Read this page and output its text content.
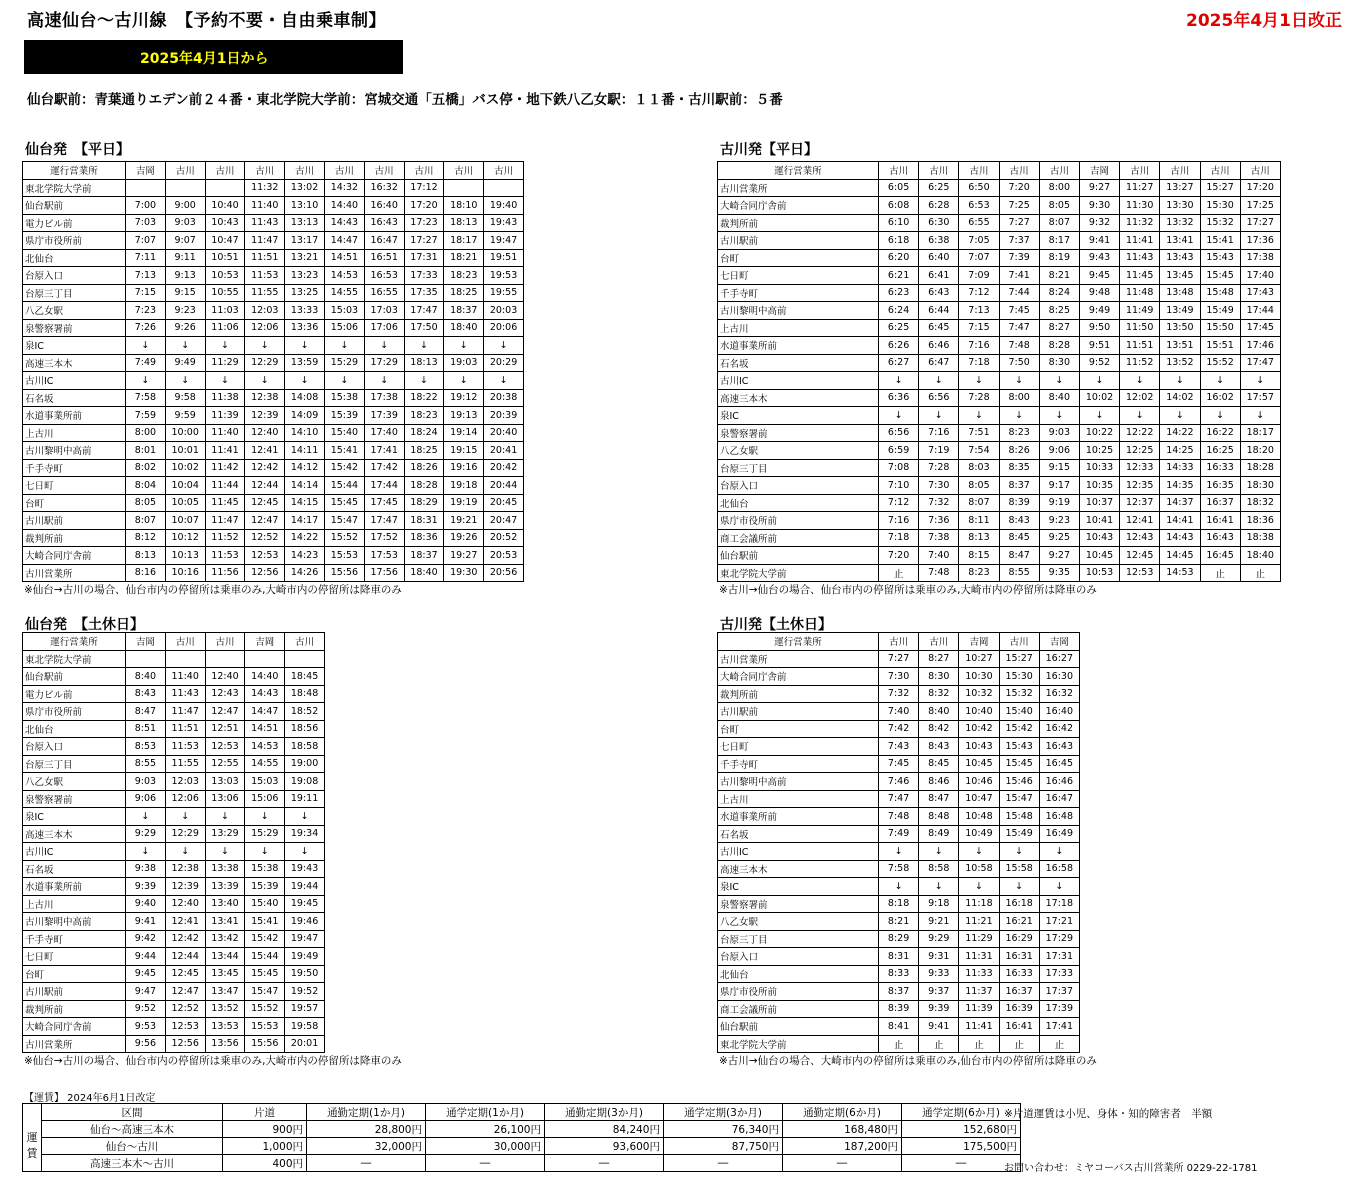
高速仙台～古川線　【予約不要・自由乗車制】	2025年4月1日改正
2025年4月1日から
仙台駅前：青葉通りエデン前２４番・東北学院大学前：宮城交通「五橋」バス停・地下鉄八乙女駅：１１番・古川駅前：５番
仙台発　【平日】
運行営業所	吉岡	古川	古川	古川	古川	古川	古川	古川	古川	古川
東北学院大学前				11:32	13:02	14:32	16:32	17:12		
仙台駅前	7:00	9:00	10:40	11:40	13:10	14:40	16:40	17:20	18:10	19:40
電力ビル前	7:03	9:03	10:43	11:43	13:13	14:43	16:43	17:23	18:13	19:43
県庁市役所前	7:07	9:07	10:47	11:47	13:17	14:47	16:47	17:27	18:17	19:47
北仙台	7:11	9:11	10:51	11:51	13:21	14:51	16:51	17:31	18:21	19:51
台原入口	7:13	9:13	10:53	11:53	13:23	14:53	16:53	17:33	18:23	19:53
台原三丁目	7:15	9:15	10:55	11:55	13:25	14:55	16:55	17:35	18:25	19:55
八乙女駅	7:23	9:23	11:03	12:03	13:33	15:03	17:03	17:47	18:37	20:03
泉警察署前	7:26	9:26	11:06	12:06	13:36	15:06	17:06	17:50	18:40	20:06
泉IC	↓	↓	↓	↓	↓	↓	↓	↓	↓	↓
高速三本木	7:49	9:49	11:29	12:29	13:59	15:29	17:29	18:13	19:03	20:29
古川IC	↓	↓	↓	↓	↓	↓	↓	↓	↓	↓
石名坂	7:58	9:58	11:38	12:38	14:08	15:38	17:38	18:22	19:12	20:38
水道事業所前	7:59	9:59	11:39	12:39	14:09	15:39	17:39	18:23	19:13	20:39
上古川	8:00	10:00	11:40	12:40	14:10	15:40	17:40	18:24	19:14	20:40
古川黎明中高前	8:01	10:01	11:41	12:41	14:11	15:41	17:41	18:25	19:15	20:41
千手寺町	8:02	10:02	11:42	12:42	14:12	15:42	17:42	18:26	19:16	20:42
七日町	8:04	10:04	11:44	12:44	14:14	15:44	17:44	18:28	19:18	20:44
台町	8:05	10:05	11:45	12:45	14:15	15:45	17:45	18:29	19:19	20:45
古川駅前	8:07	10:07	11:47	12:47	14:17	15:47	17:47	18:31	19:21	20:47
裁判所前	8:12	10:12	11:52	12:52	14:22	15:52	17:52	18:36	19:26	20:52
大崎合同庁舎前	8:13	10:13	11:53	12:53	14:23	15:53	17:53	18:37	19:27	20:53
古川営業所	8:16	10:16	11:56	12:56	14:26	15:56	17:56	18:40	19:30	20:56
※仙台→古川の場合、仙台市内の停留所は乗車のみ,大崎市内の停留所は降車のみ
古川発【平日】
運行営業所	古川	古川	古川	古川	古川	吉岡	古川	古川	古川	古川
古川営業所	6:05	6:25	6:50	7:20	8:00	9:27	11:27	13:27	15:27	17:20
大崎合同庁舎前	6:08	6:28	6:53	7:25	8:05	9:30	11:30	13:30	15:30	17:25
裁判所前	6:10	6:30	6:55	7:27	8:07	9:32	11:32	13:32	15:32	17:27
古川駅前	6:18	6:38	7:05	7:37	8:17	9:41	11:41	13:41	15:41	17:36
台町	6:20	6:40	7:07	7:39	8:19	9:43	11:43	13:43	15:43	17:38
七日町	6:21	6:41	7:09	7:41	8:21	9:45	11:45	13:45	15:45	17:40
千手寺町	6:23	6:43	7:12	7:44	8:24	9:48	11:48	13:48	15:48	17:43
古川黎明中高前	6:24	6:44	7:13	7:45	8:25	9:49	11:49	13:49	15:49	17:44
上古川	6:25	6:45	7:15	7:47	8:27	9:50	11:50	13:50	15:50	17:45
水道事業所前	6:26	6:46	7:16	7:48	8:28	9:51	11:51	13:51	15:51	17:46
石名坂	6:27	6:47	7:18	7:50	8:30	9:52	11:52	13:52	15:52	17:47
古川IC	↓	↓	↓	↓	↓	↓	↓	↓	↓	↓
高速三本木	6:36	6:56	7:28	8:00	8:40	10:02	12:02	14:02	16:02	17:57
泉IC	↓	↓	↓	↓	↓	↓	↓	↓	↓	↓
泉警察署前	6:56	7:16	7:51	8:23	9:03	10:22	12:22	14:22	16:22	18:17
八乙女駅	6:59	7:19	7:54	8:26	9:06	10:25	12:25	14:25	16:25	18:20
台原三丁目	7:08	7:28	8:03	8:35	9:15	10:33	12:33	14:33	16:33	18:28
台原入口	7:10	7:30	8:05	8:37	9:17	10:35	12:35	14:35	16:35	18:30
北仙台	7:12	7:32	8:07	8:39	9:19	10:37	12:37	14:37	16:37	18:32
県庁市役所前	7:16	7:36	8:11	8:43	9:23	10:41	12:41	14:41	16:41	18:36
商工会議所前	7:18	7:38	8:13	8:45	9:25	10:43	12:43	14:43	16:43	18:38
仙台駅前	7:20	7:40	8:15	8:47	9:27	10:45	12:45	14:45	16:45	18:40
東北学院大学前	止	7:48	8:23	8:55	9:35	10:53	12:53	14:53	止	止
※古川→仙台の場合、仙台市内の停留所は乗車のみ,大崎市内の停留所は降車のみ
仙台発　【土休日】
運行営業所	吉岡	古川	古川	吉岡	古川
東北学院大学前					
仙台駅前	8:40	11:40	12:40	14:40	18:45
電力ビル前	8:43	11:43	12:43	14:43	18:48
県庁市役所前	8:47	11:47	12:47	14:47	18:52
北仙台	8:51	11:51	12:51	14:51	18:56
台原入口	8:53	11:53	12:53	14:53	18:58
台原三丁目	8:55	11:55	12:55	14:55	19:00
八乙女駅	9:03	12:03	13:03	15:03	19:08
泉警察署前	9:06	12:06	13:06	15:06	19:11
泉IC	↓	↓	↓	↓	↓
高速三本木	9:29	12:29	13:29	15:29	19:34
古川IC	↓	↓	↓	↓	↓
石名坂	9:38	12:38	13:38	15:38	19:43
水道事業所前	9:39	12:39	13:39	15:39	19:44
上古川	9:40	12:40	13:40	15:40	19:45
古川黎明中高前	9:41	12:41	13:41	15:41	19:46
千手寺町	9:42	12:42	13:42	15:42	19:47
七日町	9:44	12:44	13:44	15:44	19:49
台町	9:45	12:45	13:45	15:45	19:50
古川駅前	9:47	12:47	13:47	15:47	19:52
裁判所前	9:52	12:52	13:52	15:52	19:57
大崎合同庁舎前	9:53	12:53	13:53	15:53	19:58
古川営業所	9:56	12:56	13:56	15:56	20:01
※仙台→古川の場合、仙台市内の停留所は乗車のみ,大崎市内の停留所は降車のみ
古川発【土休日】
運行営業所	古川	古川	吉岡	古川	吉岡
古川営業所	7:27	8:27	10:27	15:27	16:27
大崎合同庁舎前	7:30	8:30	10:30	15:30	16:30
裁判所前	7:32	8:32	10:32	15:32	16:32
古川駅前	7:40	8:40	10:40	15:40	16:40
台町	7:42	8:42	10:42	15:42	16:42
七日町	7:43	8:43	10:43	15:43	16:43
千手寺町	7:45	8:45	10:45	15:45	16:45
古川黎明中高前	7:46	8:46	10:46	15:46	16:46
上古川	7:47	8:47	10:47	15:47	16:47
水道事業所前	7:48	8:48	10:48	15:48	16:48
石名坂	7:49	8:49	10:49	15:49	16:49
古川IC	↓	↓	↓	↓	↓
高速三本木	7:58	8:58	10:58	15:58	16:58
泉IC	↓	↓	↓	↓	↓
泉警察署前	8:18	9:18	11:18	16:18	17:18
八乙女駅	8:21	9:21	11:21	16:21	17:21
台原三丁目	8:29	9:29	11:29	16:29	17:29
台原入口	8:31	9:31	11:31	16:31	17:31
北仙台	8:33	9:33	11:33	16:33	17:33
県庁市役所前	8:37	9:37	11:37	16:37	17:37
商工会議所前	8:39	9:39	11:39	16:39	17:39
仙台駅前	8:41	9:41	11:41	16:41	17:41
東北学院大学前	止	止	止	止	止
※古川→仙台の場合、大崎市内の停留所は乗車のみ,仙台市内の停留所は降車のみ
【運賃】 2024年6月1日改定
	区間	片道	通勤定期(1か月)	通学定期(1か月)	通勤定期(3か月)	通学定期(3か月)	通勤定期(6か月)	通学定期(6か月)

運
賃	仙台～高速三本木	900円	28,800円	26,100円	84,240円	76,340円	168,480円	152,680円
	仙台～古川	1,000円	32,000円	30,000円	93,600円	87,750円	187,200円	175,500円
	高速三本木～古川	400円	―	―	―	―	―	―
※片道運賃は小児、身体・知的障害者　半額
お問い合わせ：ミヤコーバス古川営業所 0229-22-1781
